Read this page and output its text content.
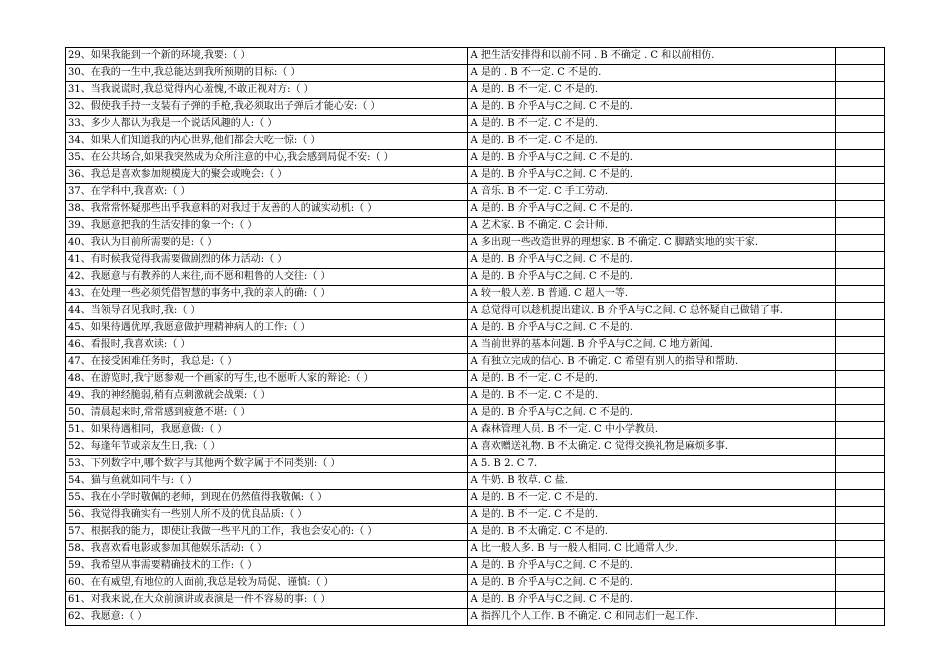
29、如果我能到一个新的环境,我要:（ ）	A 把生活安排得和以前不同 . B 不确定 . C 和以前相仿.	
30、在我的一生中,我总能达到我所预期的目标:（ ）	A 是的 . B 不一定. C 不是的.	
31、当我说谎时,我总觉得内心羞愧,不敢正视对方:（ ）	A 是的. B 不一定. C 不是的.	
32、假使我手持一支装有子弹的手枪,我必须取出子弹后才能心安:（ ）	A 是的. B 介乎A与C之间. C 不是的.	
33、多少人都认为我是一个说话风趣的人:（ ）	A 是的. B 不一定. C 不是的.	
34、如果人们知道我的内心世界,他们都会大吃一惊:（ ）	A 是的. B 不一定. C 不是的.	
35、在公共场合,如果我突然成为众所注意的中心,我会感到局促不安:（ ）	A 是的. B 介乎A与C之间. C 不是的.	
36、我总是喜欢参加规模庞大的聚会或晚会:（ ）	A 是的. B 介乎A与C之间. C 不是的.	
37、在学科中,我喜欢:（ ）	A 音乐. B 不一定. C 手工劳动.	
38、我常常怀疑那些出乎我意料的对我过于友善的人的诚实动机:（ ）	A 是的. B 介乎A与C之间. C 不是的.	
39、我愿意把我的生活安排的象一个:（ ）	A 艺术家. B 不确定. C 会计师.	
40、我认为目前所需要的是:（ ）	A 多出现一些改造世界的理想家. B 不确定. C 脚踏实地的实干家.	
41、有时候我觉得我需要做剧烈的体力活动:（ ）	A 是的. B 介乎A与C之间. C 不是的.	
42、我愿意与有教养的人来往,而不愿和粗鲁的人交往:（ ）	A 是的. B 介乎A与C之间. C 不是的.	
43、在处理一些必须凭借智慧的事务中,我的亲人的确:（ ）	A 较一般人差. B 普通. C 超人一等.	
44、当领导召见我时,我:（ ）	A 总觉得可以趁机提出建议. B 介乎A与C之间. C 总怀疑自己做错了事.	
45、如果待遇优厚,我愿意做护理精神病人的工作:（ ）	A 是的. B 介乎A与C之间. C 不是的.	
46、看报时,我喜欢读:（ ）	A 当前世界的基本问题. B 介乎A与C之间. C 地方新闻.	
47、在接受困难任务时，我总是:（ ）	A 有独立完成的信心. B 不确定. C 希望有别人的指导和帮助.	
48、在游览时,我宁愿参观一个画家的写生,也不愿听人家的辩论:（ ）	A 是的. B 不一定. C 不是的.	
49、我的神经脆弱,稍有点刺激就会战栗:（ ）	A 是的. B 不一定. C 不是的.	
50、清晨起来时,常常感到疲惫不堪:（ ）	A 是的. B 介乎A与C之间. C 不是的.	
51、如果待遇相同，我愿意做:（ ）	A 森林管理人员. B 不一定. C 中小学教员.	
52、每逢年节或亲友生日,我:（ ）	A 喜欢赠送礼物. B 不太确定. C 觉得交换礼物是麻烦多事.	
53、下列数字中,哪个数字与其他两个数字属于不同类别:（ ）	A 5. B 2. C 7.	
54、猫与鱼就如同牛与:（ ）	A 牛奶. B 牧草. C 盐.	
55、我在小学时敬佩的老师，到现在仍然值得我敬佩:（ ）	A 是的. B 不一定. C 不是的.	
56、我觉得我确实有一些别人所不及的优良品质:（ ）	A 是的. B 不一定. C 不是的.	
57、根据我的能力，即使让我做一些平凡的工作，我也会安心的:（ ）	A 是的. B 不太确定. C 不是的.	
58、我喜欢看电影或参加其他娱乐活动:（ ）	A 比一般人多. B 与一般人相同. C 比通常人少.	
59、我希望从事需要精确技术的工作:（ ）	A 是的. B 介乎A与C之间. C 不是的.	
60、在有威望,有地位的人面前,我总是较为局促、谨慎:（ ）	A 是的. B 介乎A与C之间. C 不是的.	
61、对我来说,在大众前演讲或表演是一件不容易的事:（ ）	A 是的. B 介乎A与C之间. C 不是的.	
62、我愿意:（ ）	A 指挥几个人工作. B 不确定. C 和同志们一起工作.	
